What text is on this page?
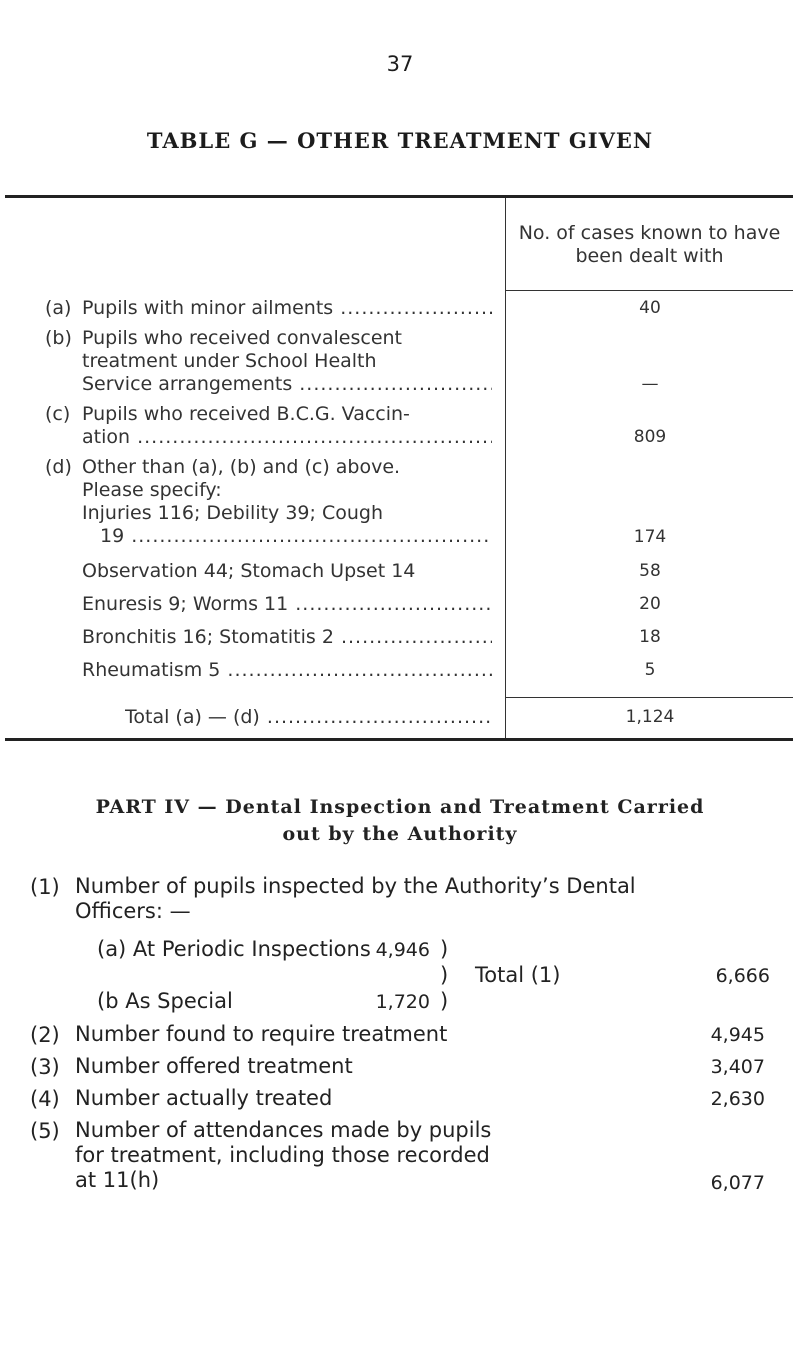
37
TABLE G — OTHER TREATMENT GIVEN
No. of cases known to have been dealt with
(a) Pupils with minor ailments .....	40
(b) Pupils who received convalescent
treatment under School Health
Service arrangements .....	—
(c) Pupils who received B.C.G. Vaccin-
ation .....	809
(d) Other than (a), (b) and (c) above.
Please specify:
Injuries 116; Debility 39; Cough
19 .....	174
Observation 44; Stomach Upset 14	58
Enuresis 9; Worms 11 .....	20
Bronchitis 16; Stomatitis 2 .....	18
Rheumatism 5 .....	5
Total (a) — (d) .....	1,124
PART IV — Dental Inspection and Treatment Carried
out by the Authority
(1) Number of pupils inspected by the Authority’s Dental
Officers: —
(a) At Periodic Inspections 4,946 )
) Total (1)	6,666
(b As Special	1,720 )
(2) Number found to require treatment	4,945
(3) Number offered treatment	3,407
(4) Number actually treated	2,630
(5) Number of attendances made by pupils
for treatment, including those recorded
at 11(h)	6,077
